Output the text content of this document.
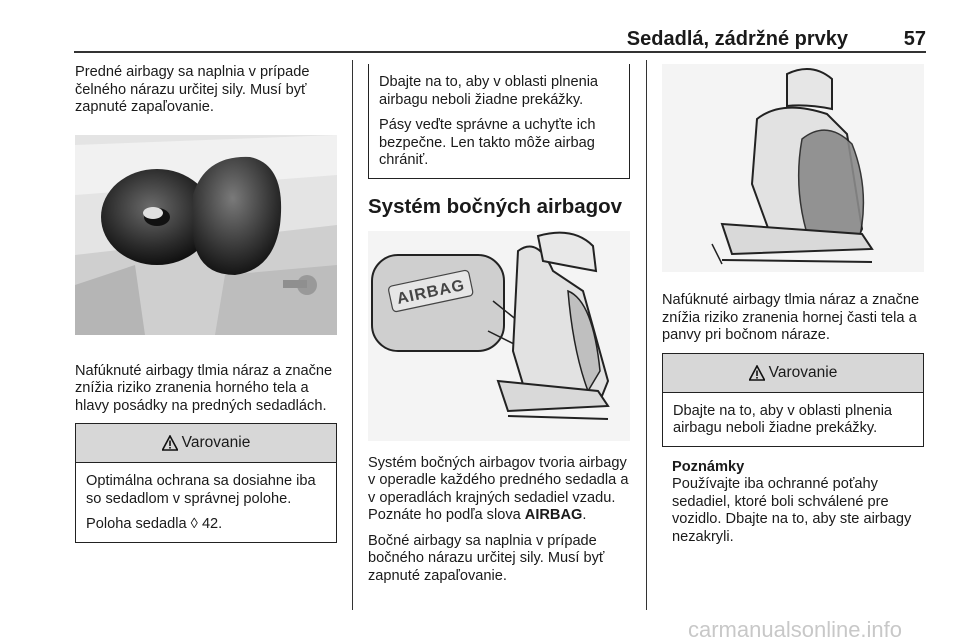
Sedadlá, zádržné prvky	57

Predné airbagy sa naplnia v prípade čelného nárazu určitej sily. Musí byť zapnuté zapaľovanie.

Nafúknuté airbagy tlmia náraz a značne znížia riziko zranenia horného tela a hlavy posádky na predných sedadlách.

Varovanie

Optimálna ochrana sa dosiahne iba so sedadlom v správnej polohe.

Poloha sedadla ◊ 42.

Dbajte na to, aby v oblasti plnenia airbagu neboli žiadne prekážky.

Pásy veďte správne a uchyťte ich bezpečne. Len takto môže airbag chrániť.

Systém bočných airbagov
AIRBAG

Systém bočných airbagov tvoria airbagy v operadle každého predného sedadla a v operadlách krajných sedadiel vzadu. Poznáte ho podľa slova AIRBAG.

Bočné airbagy sa naplnia v prípade bočného nárazu určitej sily. Musí byť zapnuté zapaľovanie.

Nafúknuté airbagy tlmia náraz a značne znížia riziko zranenia hornej časti tela a panvy pri bočnom náraze.

Varovanie

Dbajte na to, aby v oblasti plnenia airbagu neboli žiadne prekážky.

Poznámky

Používajte iba ochranné poťahy sedadiel, ktoré boli schválené pre vozidlo. Dbajte na to, aby ste airbagy nezakryli.

carmanualsonline.info
